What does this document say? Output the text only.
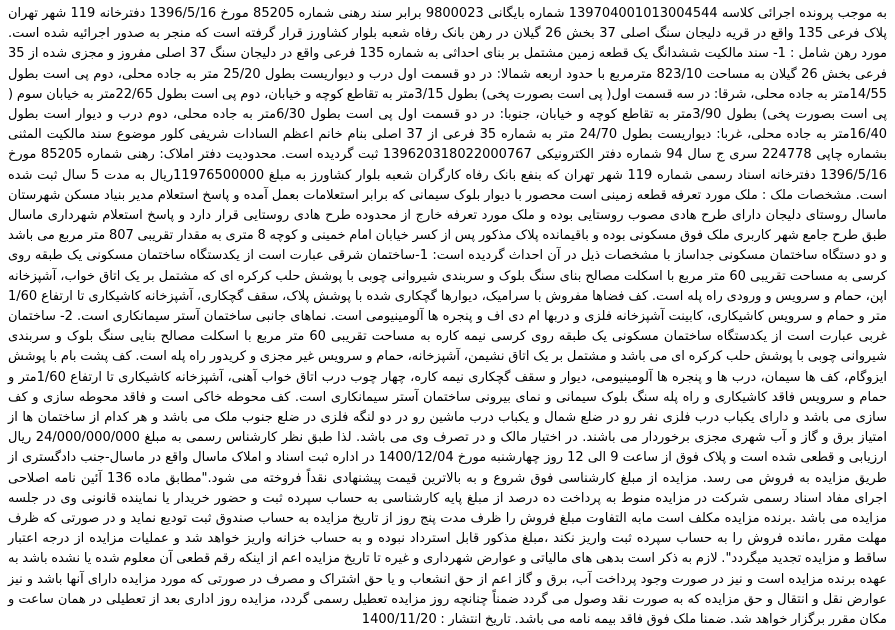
به موجب پرونده اجرائی کلاسه 139704001013004544 شماره بایگانی 9800023 برابر سند رهنی شماره 85205 مورخ 1396/5/16 دفترخانه 119 شهر تهران پلاک فرعی 135 واقع در قریه دلیجان سنگ اصلی 37 بخش 26 گیلان در رهن بانک رفاه شعبه بلوار کشاورز قرار گرفته است که منجر به صدور اجرائیه شده است. مورد رهن شامل : 1- سند مالکیت ششدانگ یک قطعه زمین مشتمل بر بنای احداثی به شماره 135 فرعی واقع در دلیجان سنگ 37 اصلی مفروز و مجزی شده از 35 فرعی بخش 26 گیلان به مساحت 823/10 مترمربع با حدود اربعه شمالا: در دو قسمت اول درب و دیواریست بطول 25/20 متر به جاده محلی، دوم پی است بطول 14/55متر به جاده محلی، شرقا: در سه قسمت اول( پی است بصورت پخی) بطول 3/15متر به تقاطع کوچه و خیابان، دوم پی است بطول 22/65متر به خیابان سوم ( پی است بصورت پخی) بطول 3/90متر به تقاطع کوچه و خیابان، جنوبا: در دو قسمت اول پی است بطول 6/30متر به جاده محلی، دوم درب و دیوار است بطول 16/40متر به جاده محلی، غربا: دیواریست بطول 24/70 متر به شماره 35 فرعی از 37 اصلی بنام خانم اعظم السادات شریفی کلور موضوع سند مالکیت المثنی بشماره چاپی 224778 سری ج سال 94 شماره دفتر الکترونیکی 139620318022000767 ثبت گردیده است. محدودیت دفتر املاک: رهنی شماره 85205 مورخ 1396/5/16 دفترخانه اسناد رسمی شماره 119 شهر تهران که بنفع بانک رفاه کارگران شعبه بلوار کشاورز به مبلغ 11976500000ریال به مدت 5 سال ثبت شده است. مشخصات ملک : ملک مورد تعرفه قطعه زمینی است محصور با دیوار بلوک سیمانی که برابر استعلامات بعمل آمده و پاسخ استعلام مدیر بنیاد مسکن شهرستان ماسال روستای دلیجان دارای طرح هادی مصوب روستایی بوده و ملک مورد تعرفه خارج از محدوده طرح هادی روستایی قرار دارد و پاسخ استعلام شهرداری ماسال طبق طرح جامع شهر کاربری ملک فوق مسکونی بوده و باقیمانده پلاک مذکور پس از کسر خیابان امام خمینی و کوچه 8 متری به مقدار تقریبی 807 متر مربع می باشد و دو دستگاه ساختمان مسکونی جداساز با مشخصات ذیل در آن احداث گردیده است: 1-ساختمان شرقی عبارت است از یکدستگاه ساختمان مسکونی یک طبقه روی کرسی به مساحت تقریبی 60 متر مربع با اسکلت مصالح بنای سنگ بلوک و سربندی شیروانی چوبی با پوشش حلب کرکره ای که مشتمل بر یک اتاق خواب، آشپزخانه اپن، حمام و سرویس و ورودی راه پله است. کف فضاها مفروش با سرامیک، دیوارها گچکاری شده با پوشش پلاک، سقف گچکاری، آشپزخانه کاشیکاری تا ارتفاع 1/60 متر و حمام و سرویس کاشیکاری، کابینت آشپزخانه فلزی و دربها ام دی اف و پنجره ها آلومینیومی است. نماهای جانبی ساختمان آستر سیمانکاری است. 2- ساختمان غربی عبارت است از یکدستگاه ساختمان مسکونی یک طبقه روی کرسی نیمه کاره به مساحت تقریبی 60 متر مربع با اسکلت مصالح بنایی سنگ بلوک و سربندی شیروانی چوبی با پوشش حلب کرکره ای می باشد و مشتمل بر یک اتاق نشیمن، آشپزخانه، حمام و سرویس غیر مجزی و کریدور راه پله است. کف پشت بام با پوشش ایزوگام، کف ها سیمان، درب ها و پنجره ها آلومینیومی، دیوار و سقف گچکاری نیمه کاره، چهار چوب درب اتاق خواب آهنی، آشپزخانه کاشیکاری تا ارتفاع 1/60متر و حمام و سرویس فاقد کاشیکاری و راه پله سنگ بلوک سیمانی و نمای بیرونی ساختمان آستر سیمانکاری است. کف محوطه خاکی است و فاقد محوطه سازی و کف سازی می باشد و دارای یکباب درب فلزی نفر رو در ضلع شمال و یکباب درب ماشین رو در دو لنگه فلزی در ضلع جنوب ملک می باشد و هر کدام از ساختمان ها از امتیاز برق و گاز و آب شهری مجزی برخوردار می باشند. در اختیار مالک و در تصرف وی می باشد. لذا طبق نظر کارشناس رسمی به مبلغ 24/000/000/000 ریال ارزیابی و قطعی شده است و پلاک فوق از ساعت 9 الی 12 روز چهارشنبه مورخ 1400/12/04 در اداره ثبت اسناد و املاک ماسال واقع در ماسال-جنب دادگستری از طریق مزایده به فروش می رسد. مزایده از مبلغ کارشناسی فوق شروع و به بالاترین قیمت پیشنهادی نقداً فروخته می شود."مطابق ماده 136 آئین نامه اصلاحی اجرای مفاد اسناد رسمی شرکت در مزایده منوط به پرداخت ده درصد از مبلغ پایه کارشناسی به حساب سپرده ثبت و حضور خریدار یا نماینده قانونی وی در جلسه مزایده می باشد .برنده مزایده مکلف است مابه التفاوت مبلغ فروش را ظرف مدت پنج روز از تاریخ مزایده به حساب صندوق ثبت تودیع نماید و در صورتی که ظرف مهلت مقرر ،مانده فروش را به حساب سپرده ثبت واریز نکند ،مبلغ مذکور قابل استرداد نبوده و به حساب خزانه واریز خواهد شد و عملیات مزایده از درجه اعتبار ساقط و مزایده تجدید میگردد". لازم به ذکر است بدهی های مالیاتی و عوارض شهرداری و غیره تا تاریخ مزایده اعم از اینکه رقم قطعی آن معلوم شده یا نشده باشد به عهده برنده مزایده است و نیز در صورت وجود پرداخت آب، برق و گاز اعم از حق انشعاب و یا حق اشتراک و مصرف در صورتی که مورد مزایده دارای آنها باشد و نیز عوارض نقل و انتقال و حق مزایده که به صورت نقد وصول می گردد ضمناً چنانچه روز مزایده تعطیل رسمی گردد، مزایده روز اداری بعد از تعطیلی در همان ساعت و مکان مقرر برگزار خواهد شد. ضمنا ملک فوق فاقد بیمه نامه می باشد. تاریخ انتشار : 1400/11/20
